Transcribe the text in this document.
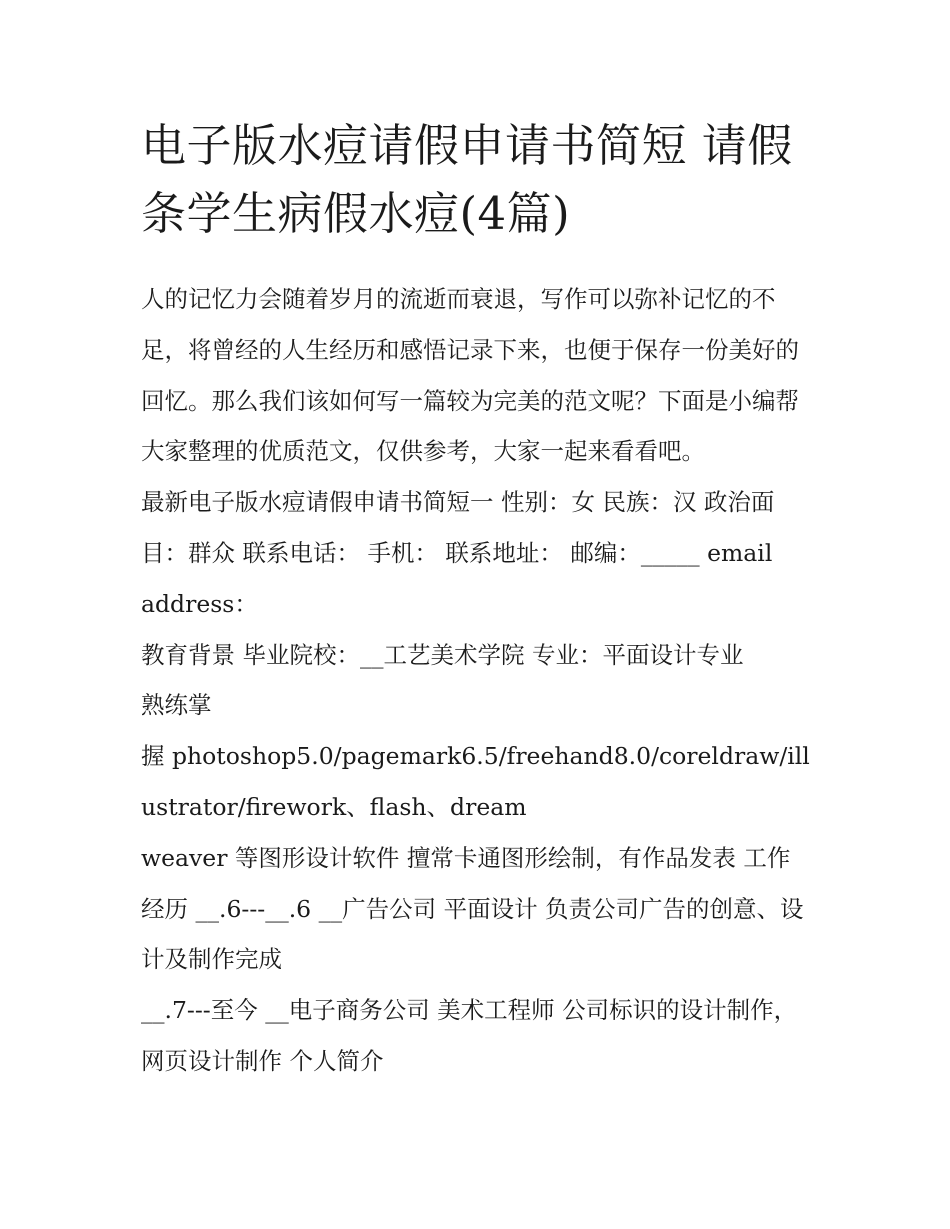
电子版水痘请假申请书简短 请假条学生病假水痘(4篇)

人的记忆力会随着岁月的流逝而衰退，写作可以弥补记忆的不足，将曾经的人生经历和感悟记录下来，也便于保存一份美好的回忆。那么我们该如何写一篇较为完美的范文呢？下面是小编帮大家整理的优质范文，仅供参考，大家一起来看看吧。

最新电子版水痘请假申请书简短一 性别：女 民族：汉 政治面目：群众 联系电话： 手机： 联系地址： 邮编：_____ email address：

教育背景 毕业院校：__工艺美术学院 专业：平面设计专业

熟练掌

握 photoshop5.0/pagemark6.5/freehand8.0/coreldraw/illustrator/firework、flash、dream

weaver 等图形设计软件 擅常卡通图形绘制，有作品发表 工作经历 __.6---__.6 __广告公司 平面设计 负责公司广告的创意、设计及制作完成

__.7---至今 __电子商务公司 美术工程师 公司标识的设计制作，网页设计制作 个人简介
